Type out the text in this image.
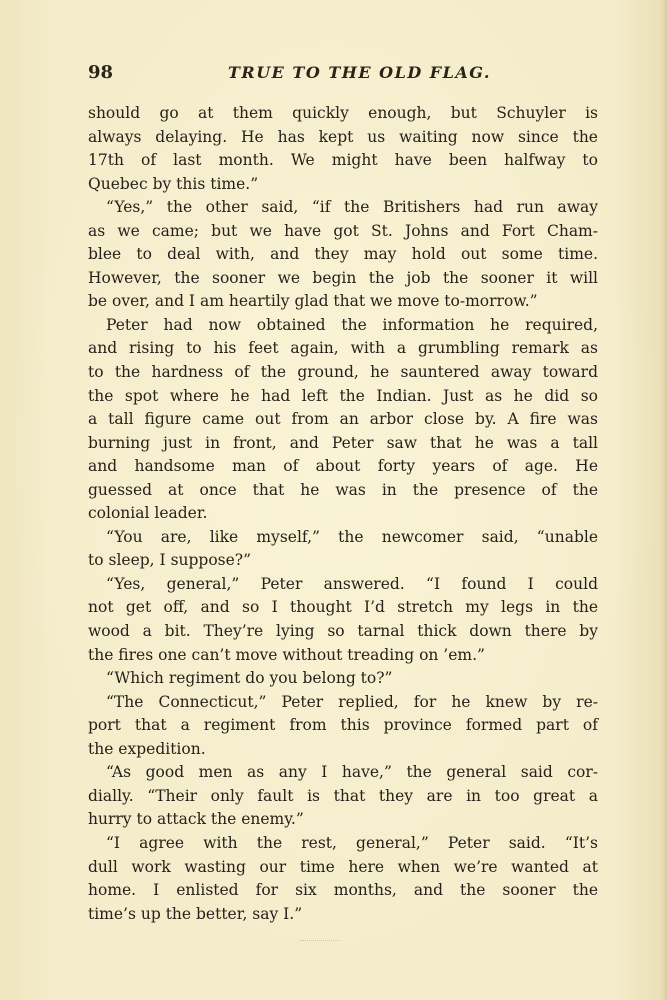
98	TRUE TO THE OLD FLAG.
should go at them quickly enough, but Schuyler is
always delaying. He has kept us waiting now since the
17th of last month. We might have been halfway to
Quebec by this time.”
“Yes,” the other said, “if the Britishers had run away
as we came; but we have got St. Johns and Fort Cham-
blee to deal with, and they may hold out some time.
However, the sooner we begin the job the sooner it will
be over, and I am heartily glad that we move to-morrow.”
Peter had now obtained the information he required,
and rising to his feet again, with a grumbling remark as
to the hardness of the ground, he sauntered away toward
the spot where he had left the Indian. Just as he did so
a tall figure came out from an arbor close by. A fire was
burning just in front, and Peter saw that he was a tall
and handsome man of about forty years of age. He
guessed at once that he was in the presence of the
colonial leader.
“You are, like myself,” the newcomer said, “unable
to sleep, I suppose?”
“Yes, general,” Peter answered. “I found I could
not get off, and so I thought I’d stretch my legs in the
wood a bit. They’re lying so tarnal thick down there by
the fires one can’t move without treading on ’em.”
“Which regiment do you belong to?”
“The Connecticut,” Peter replied, for he knew by re-
port that a regiment from this province formed part of
the expedition.
“As good men as any I have,” the general said cor-
dially. “Their only fault is that they are in too great a
hurry to attack the enemy.”
“I agree with the rest, general,” Peter said. “It’s
dull work wasting our time here when we’re wanted at
home. I enlisted for six months, and the sooner the
time’s up the better, say I.”
